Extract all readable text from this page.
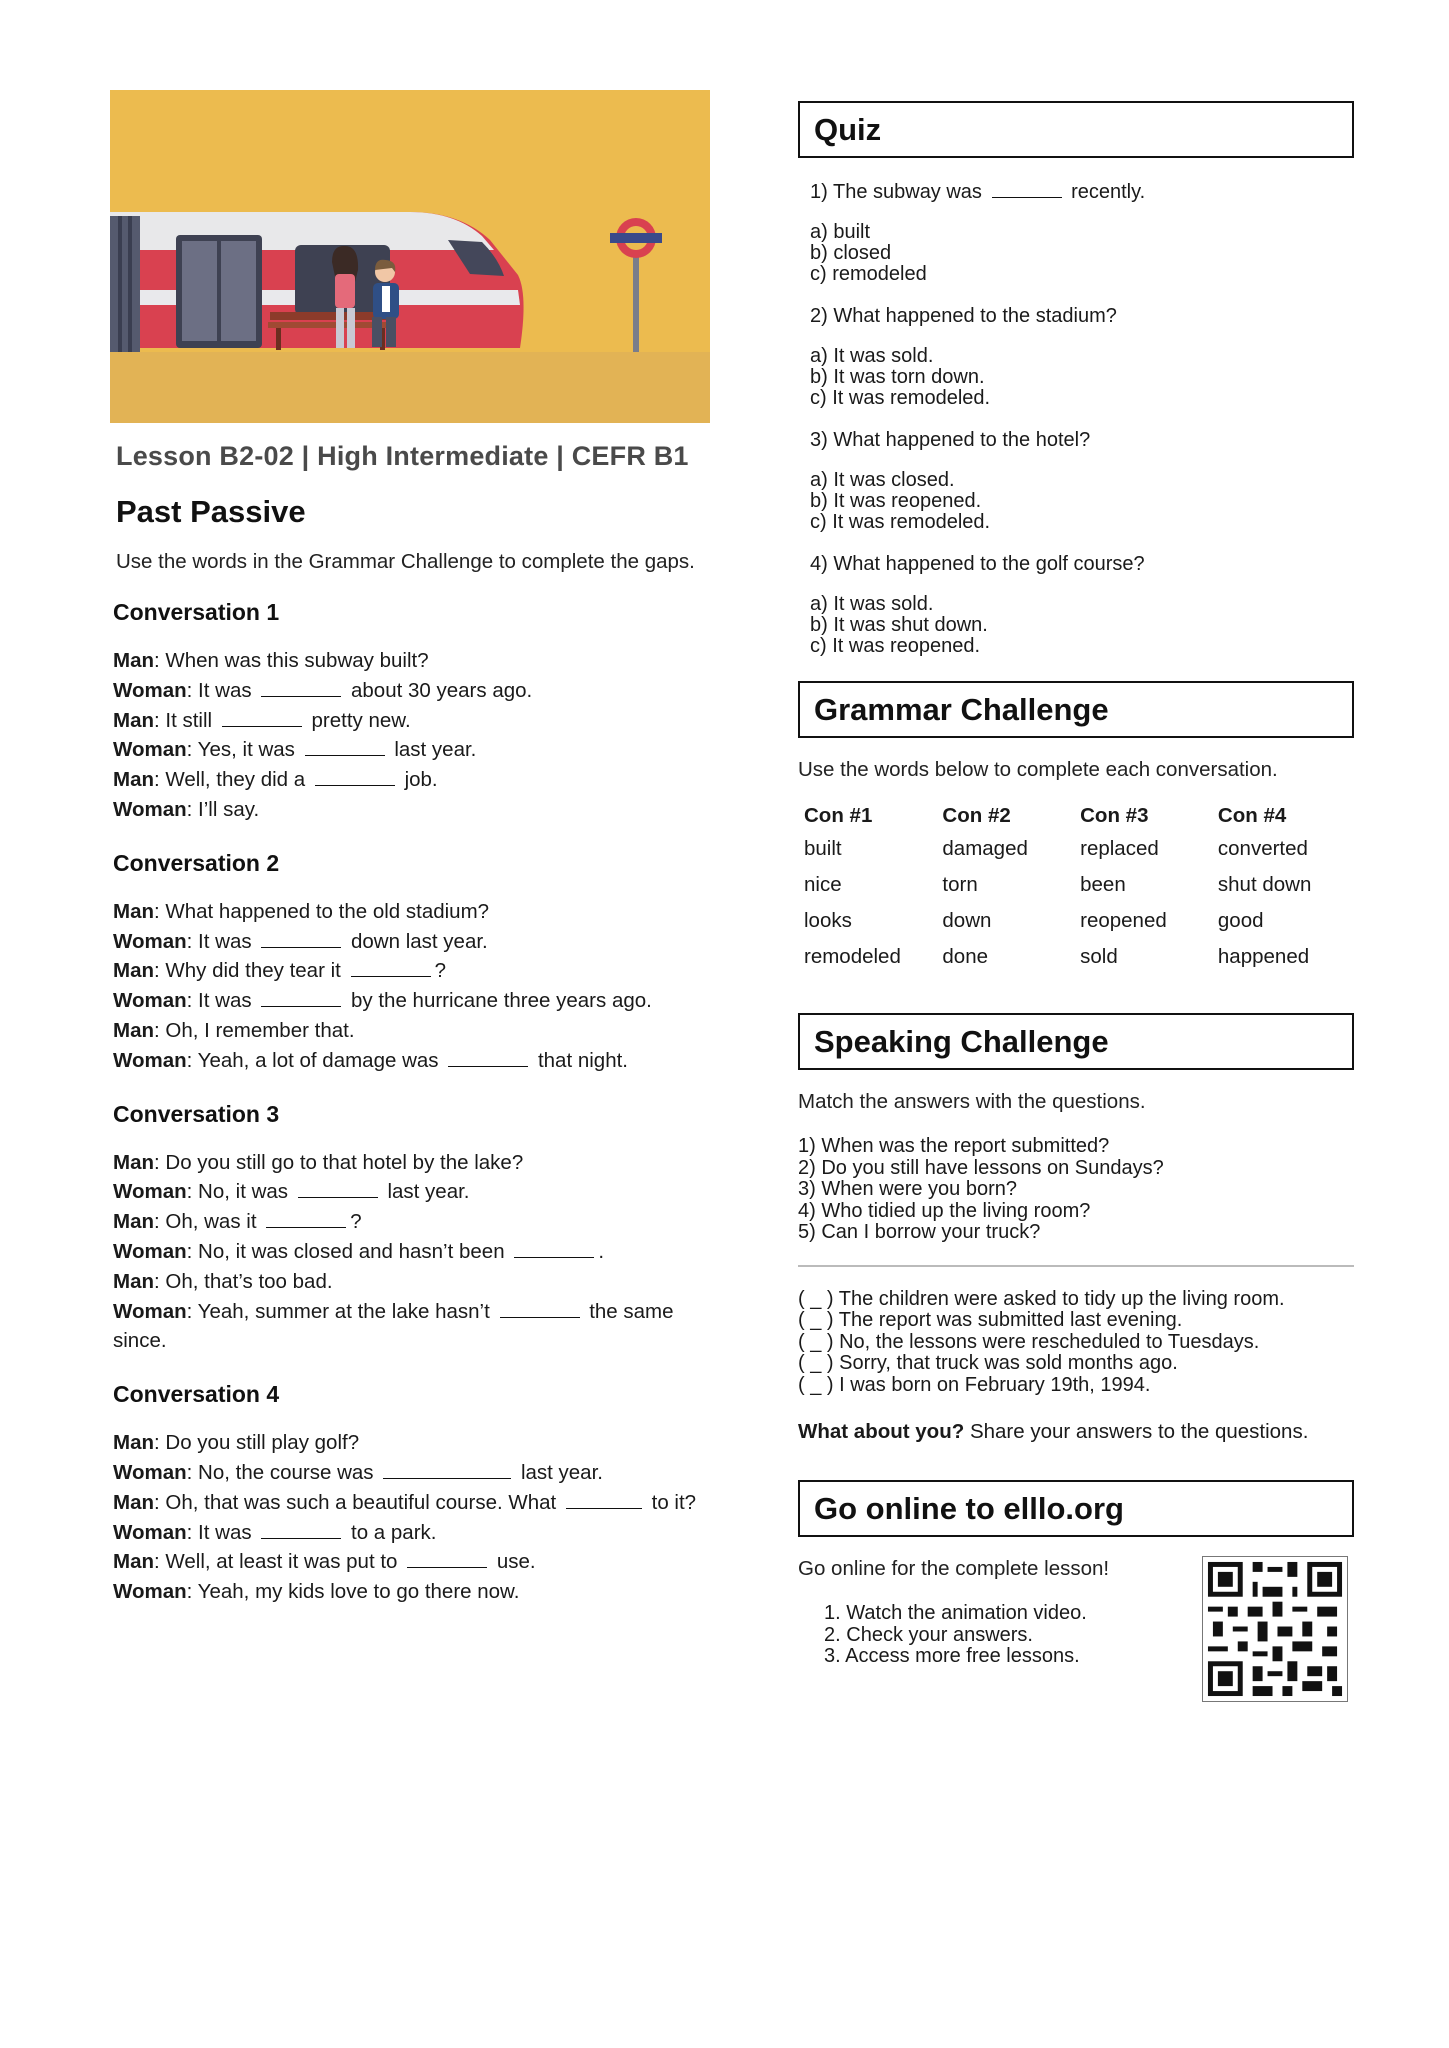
Lesson B2-02 | High Intermediate | CEFR B1
Past Passive
Use the words in the Grammar Challenge to complete the gaps.
Conversation 1
Man: When was this subway built?
Woman: It was	about 30 years ago.
Man: It still	pretty new.
Woman: Yes, it was	last year.
Man: Well, they did a	job.
Woman: I’ll say.
Conversation 2
Man: What happened to the old stadium?
Woman: It was	down last year.
Man: Why did they tear it	?
Woman: It was	by the hurricane three years ago.
Man: Oh, I remember that.
Woman: Yeah, a lot of damage was	that night.
Conversation 3
Man: Do you still go to that hotel by the lake?
Woman: No, it was	last year.
Man: Oh, was it	?
Woman: No, it was closed and hasn’t been	.
Man: Oh, that’s too bad.
Woman: Yeah, summer at the lake hasn’t	the same since.
Conversation 4
Man: Do you still play golf?
Woman: No, the course was	last year.
Man: Oh, that was such a beautiful course. What	to it?
Woman: It was	to a park.
Man: Well, at least it was put to	use.
Woman: Yeah, my kids love to go there now.
Quiz
1) The subway was	recently.
a) built
b) closed
c) remodeled
2) What happened to the stadium?
a) It was sold.
b) It was torn down.
c) It was remodeled.
3) What happened to the hotel?
a) It was closed.
b) It was reopened.
c) It was remodeled.
4) What happened to the golf course?
a) It was sold.
b) It was shut down.
c) It was reopened.
Grammar Challenge
Use the words below to complete each conversation.
Con #1	Con #2	Con #3	Con #4
built	damaged	replaced	converted
nice	torn	been	shut down
looks	down	reopened	good
remodeled	done	sold	happened
Speaking Challenge
Match the answers with the questions.
1) When was the report submitted?
2) Do you still have lessons on Sundays?
3) When were you born?
4) Who tidied up the living room?
5) Can I borrow your truck?
( _ ) The children were asked to tidy up the living room.
( _ ) The report was submitted last evening.
( _ ) No, the lessons were rescheduled to Tuesdays.
( _ ) Sorry, that truck was sold months ago.
( _ ) I was born on February 19th, 1994.
What about you? Share your answers to the questions.
Go online to elllo.org
Go online for the complete lesson!
1. Watch the animation video.
2. Check your answers.
3. Access more free lessons.
